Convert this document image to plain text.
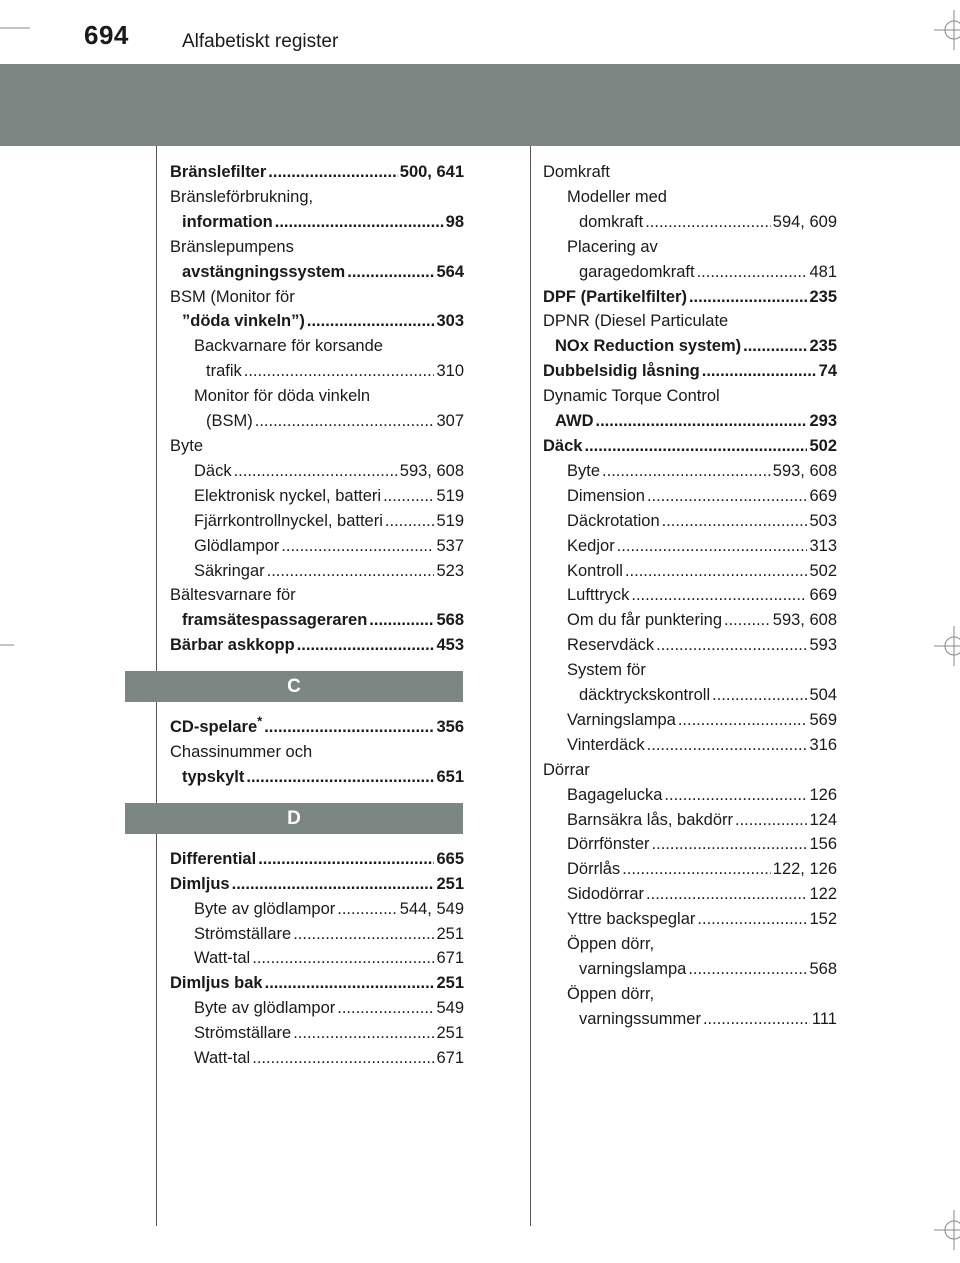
694	Alfabetiskt register
Bränslefilter .....	500, 641
Bränsleförbrukning,
information .....	98
Bränslepumpens
avstängningssystem .....	564
BSM (Monitor för
”döda vinkeln”) .....	303
Backvarnare för korsande
trafik .....	310
Monitor för döda vinkeln
(BSM) .....	307
Byte
Däck .....	593, 608
Elektronisk nyckel, batteri .....	519
Fjärrkontrollnyckel, batteri .....	519
Glödlampor .....	537
Säkringar .....	523
Bältesvarnare för
framsätespassageraren .....	568
Bärbar askkopp .....	453
C
CD-spelare* .....	356
Chassinummer och
typskylt .....	651
D
Differential .....	665
Dimljus .....	251
Byte av glödlampor .....	544, 549
Strömställare .....	251
Watt-tal .....	671
Dimljus bak .....	251
Byte av glödlampor .....	549
Strömställare .....	251
Watt-tal .....	671
Domkraft
Modeller med
domkraft .....	594, 609
Placering av
garagedomkraft .....	481
DPF (Partikelfilter) .....	235
DPNR (Diesel Particulate
NOx Reduction system) .....	235
Dubbelsidig låsning .....	74
Dynamic Torque Control
AWD .....	293
Däck .....	502
Byte .....	593, 608
Dimension .....	669
Däckrotation .....	503
Kedjor .....	313
Kontroll .....	502
Lufttryck .....	669
Om du får punktering .....	593, 608
Reservdäck .....	593
System för
däcktryckskontroll .....	504
Varningslampa .....	569
Vinterdäck .....	316
Dörrar
Bagagelucka .....	126
Barnsäkra lås, bakdörr .....	124
Dörrfönster .....	156
Dörrlås .....	122, 126
Sidodörrar .....	122
Yttre backspeglar .....	152
Öppen dörr,
varningslampa .....	568
Öppen dörr,
varningssummer .....	111
